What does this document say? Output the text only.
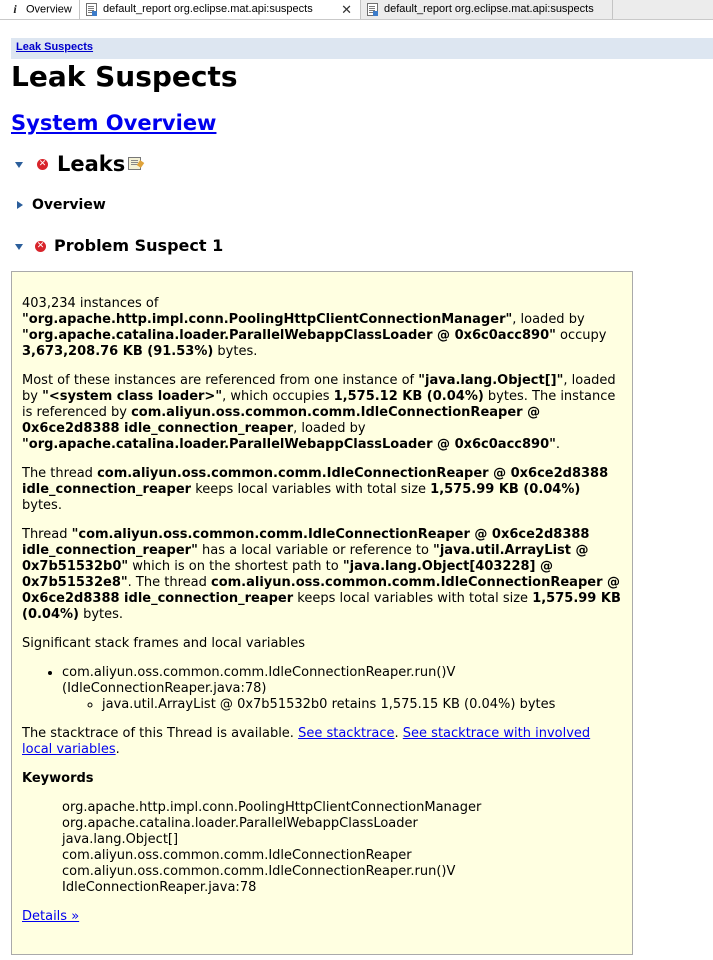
i Overview	default_report org.eclipse.mat.api:suspects ✕	default_report org.eclipse.mat.api:suspects
Leak Suspects
Leak Suspects
System Overview
✕ Leaks
Overview
✕ Problem Suspect 1

403,234 instances of "org.apache.http.impl.conn.PoolingHttpClientConnectionManager", loaded by "org.apache.catalina.loader.ParallelWebappClassLoader @ 0x6c0acc890" occupy 3,673,208.76 KB (91.53%) bytes.

Most of these instances are referenced from one instance of "java.lang.Object[]", loaded by "<system class loader>", which occupies 1,575.12 KB (0.04%) bytes. The instance is referenced by com.aliyun.oss.common.comm.IdleConnectionReaper @ 0x6ce2d8388 idle_connection_reaper, loaded by "org.apache.catalina.loader.ParallelWebappClassLoader @ 0x6c0acc890".

The thread com.aliyun.oss.common.comm.IdleConnectionReaper @ 0x6ce2d8388 idle_connection_reaper keeps local variables with total size 1,575.99 KB (0.04%) bytes.

Thread "com.aliyun.oss.common.comm.IdleConnectionReaper @ 0x6ce2d8388 idle_connection_reaper" has a local variable or reference to "java.util.ArrayList @ 0x7b51532b0" which is on the shortest path to "java.lang.Object[403228] @ 0x7b51532e8". The thread com.aliyun.oss.common.comm.IdleConnectionReaper @ 0x6ce2d8388 idle_connection_reaper keeps local variables with total size 1,575.99 KB (0.04%) bytes.

Significant stack frames and local variables

• com.aliyun.oss.common.comm.IdleConnectionReaper.run()V (IdleConnectionReaper.java:78)
◦ java.util.ArrayList @ 0x7b51532b0 retains 1,575.15 KB (0.04%) bytes

The stacktrace of this Thread is available. See stacktrace. See stacktrace with involved local variables.

Keywords
org.apache.http.impl.conn.PoolingHttpClientConnectionManager
org.apache.catalina.loader.ParallelWebappClassLoader
java.lang.Object[]
com.aliyun.oss.common.comm.IdleConnectionReaper
com.aliyun.oss.common.comm.IdleConnectionReaper.run()V
IdleConnectionReaper.java:78
Details »
